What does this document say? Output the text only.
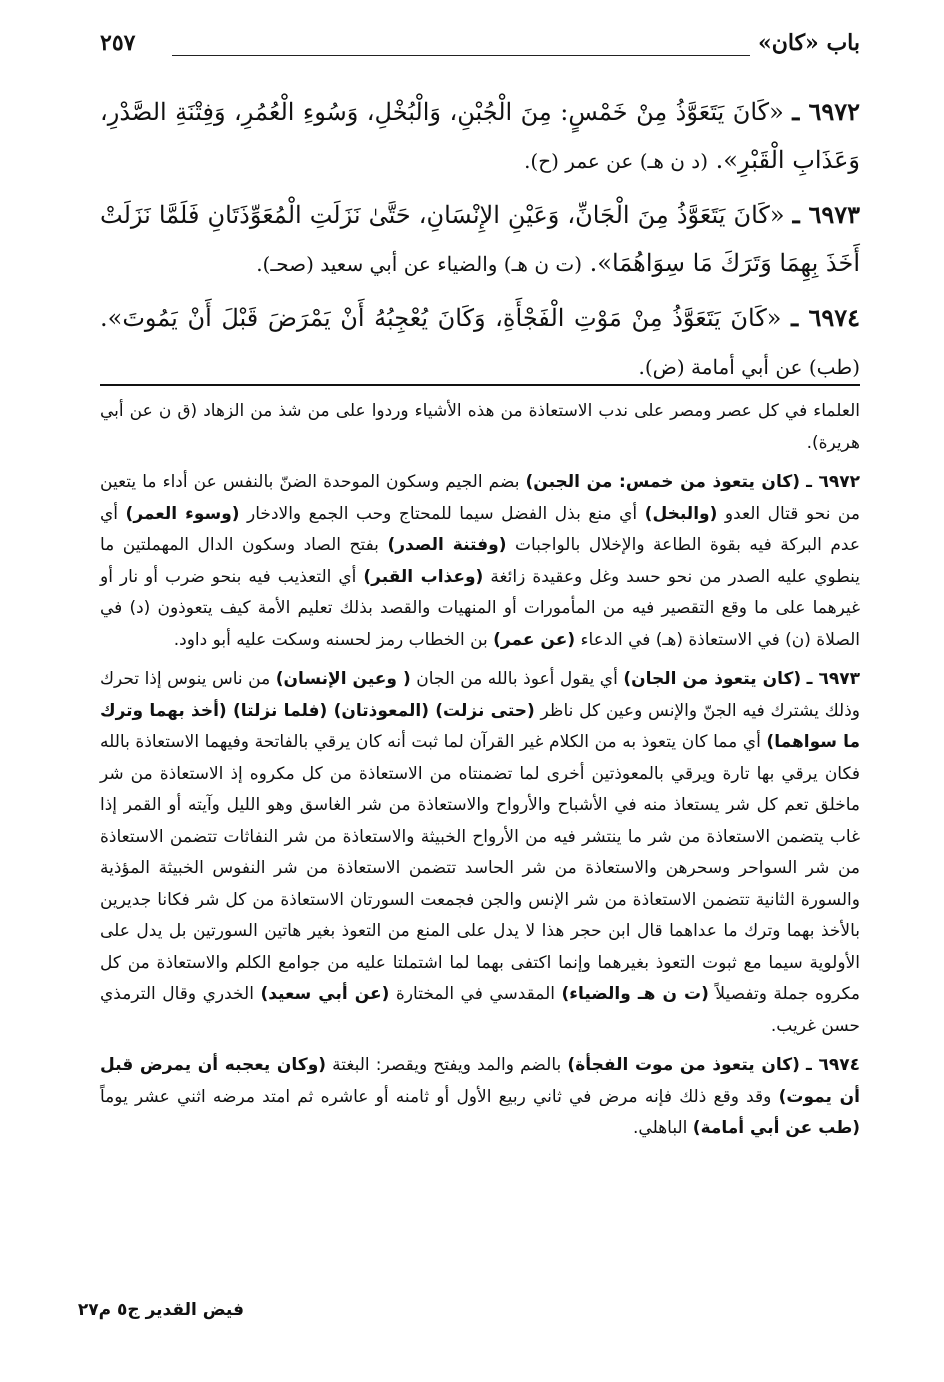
باب «كان»
٢٥٧

٦٩٧٢ ـ «كَانَ يَتَعَوَّذُ مِنْ خَمْسٍ: مِنَ الْجُبْنِ، وَالْبُخْلِ، وَسُوءِ الْعُمُرِ، وَفِتْنَةِ الصَّدْرِ، وَعَذَابِ الْقَبْرِ». (د ن هـ) عن عمر (ح).

٦٩٧٣ ـ «كَانَ يَتَعَوَّذُ مِنَ الْجَانِّ، وَعَيْنِ الإِنْسَانِ، حَتَّىٰ نَزَلَتِ الْمُعَوِّذَتَانِ فَلَمَّا نَزَلَتْ أَخَذَ بِهِمَا وَتَرَكَ مَا سِوَاهُمَا». (ت ن هـ) والضياء عن أبي سعيد (صحـ).

٦٩٧٤ ـ «كَانَ يَتَعَوَّذُ مِنْ مَوْتِ الْفَجْأَةِ، وَكَانَ يُعْجِبُهُ أَنْ يَمْرَضَ قَبْلَ أَنْ يَمُوتَ». (طب) عن أبي أمامة (ض).

العلماء في كل عصر ومصر على ندب الاستعاذة من هذه الأشياء وردوا على من شذ من الزهاد (ق ن عن أبي هريرة).

٦٩٧٢ ـ (كان يتعوذ من خمس: من الجبن) بضم الجيم وسكون الموحدة الضنّ بالنفس عن أداء ما يتعين من نحو قتال العدو (والبخل) أي منع بذل الفضل سيما للمحتاج وحب الجمع والادخار (وسوء العمر) أي عدم البركة فيه بقوة الطاعة والإخلال بالواجبات (وفتنة الصدر) بفتح الصاد وسكون الدال المهملتين ما ينطوي عليه الصدر من نحو حسد وغل وعقيدة زائغة (وعذاب القبر) أي التعذيب فيه بنحو ضرب أو نار أو غيرهما على ما وقع التقصير فيه من المأمورات أو المنهيات والقصد بذلك تعليم الأمة كيف يتعوذون (د) في الصلاة (ن) في الاستعاذة (هـ) في الدعاء (عن عمر) بن الخطاب رمز لحسنه وسكت عليه أبو داود.

٦٩٧٣ ـ (كان يتعوذ من الجان) أي يقول أعوذ بالله من الجان ( وعين الإنسان) من ناس ينوس إذا تحرك وذلك يشترك فيه الجنّ والإنس وعين كل ناظر (حتى نزلت) (المعوذتان) (فلما نزلتا) (أخذ بهما وترك ما سواهما) أي مما كان يتعوذ به من الكلام غير القرآن لما ثبت أنه كان يرقي بالفاتحة وفيهما الاستعاذة بالله فكان يرقي بها تارة ويرقي بالمعوذتين أخرى لما تضمنتاه من الاستعاذة من كل مكروه إذ الاستعاذة من شر ماخلق تعم كل شر يستعاذ منه في الأشباح والأرواح والاستعاذة من شر الغاسق وهو الليل وآيته أو القمر إذا غاب يتضمن الاستعاذة من شر ما ينتشر فيه من الأرواح الخبيثة والاستعاذة من شر النفاثات تتضمن الاستعاذة من شر السواحر وسحرهن والاستعاذة من شر الحاسد تتضمن الاستعاذة من شر النفوس الخبيثة المؤذية والسورة الثانية تتضمن الاستعاذة من شر الإنس والجن فجمعت السورتان الاستعاذة من كل شر فكانا جديرين بالأخذ بهما وترك ما عداهما قال ابن حجر هذا لا يدل على المنع من التعوذ بغير هاتين السورتين بل يدل على الأولوية سيما مع ثبوت التعوذ بغيرهما وإنما اكتفى بهما لما اشتملتا عليه من جوامع الكلم والاستعاذة من كل مكروه جملة وتفصيلاً (ت ن هـ والضياء) المقدسي في المختارة (عن أبي سعيد) الخدري وقال الترمذي حسن غريب.

٦٩٧٤ ـ (كان يتعوذ من موت الفجأة) بالضم والمد ويفتح ويقصر: البغتة (وكان يعجبه أن يمرض قبل أن يموت) وقد وقع ذلك فإنه مرض في ثاني ربيع الأول أو ثامنه أو عاشره ثم امتد مرضه اثني عشر يوماً (طب عن أبي أمامة) الباهلي.

فيض القدير ج٥ م٢٧
